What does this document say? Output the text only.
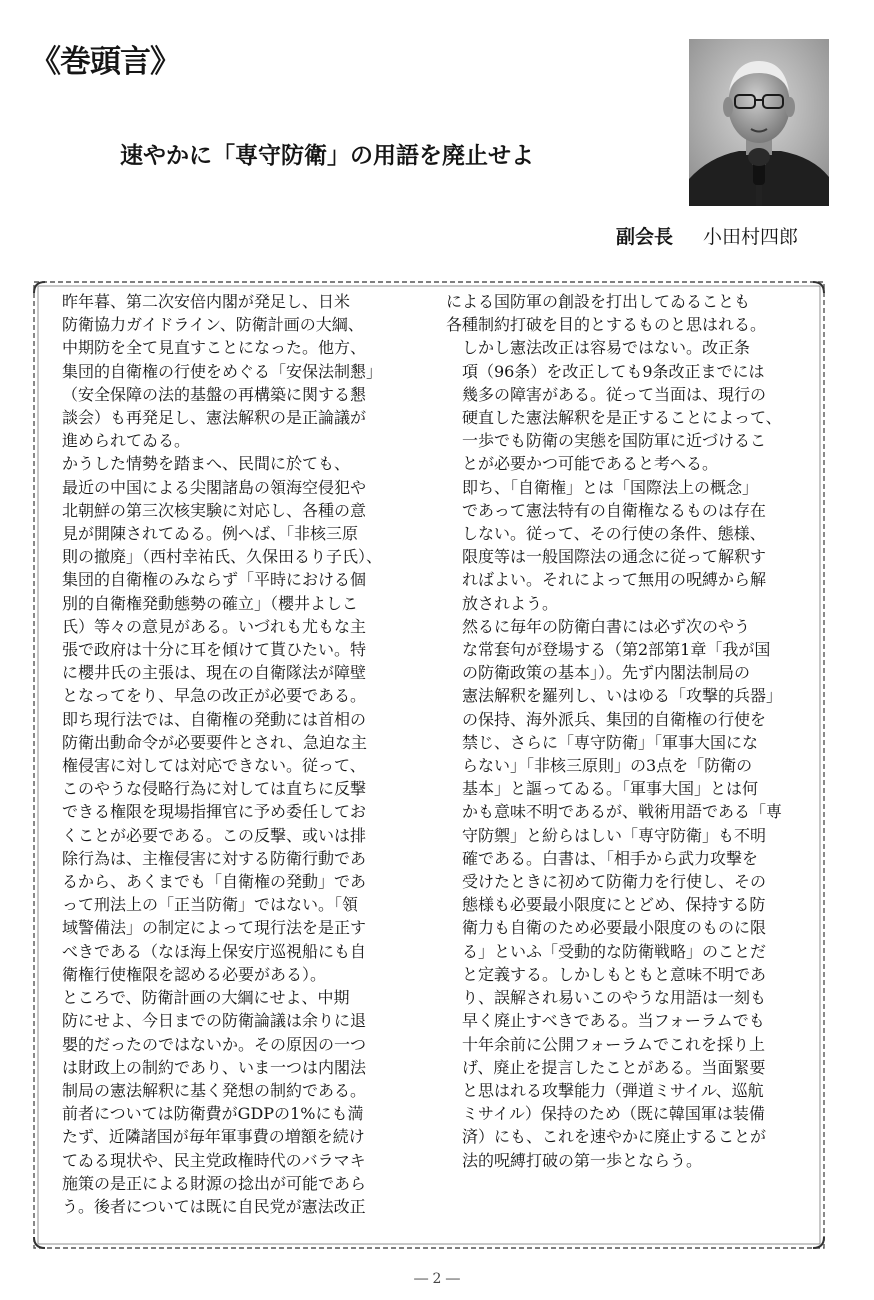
《巻頭言》
速やかに「専守防衛」の用語を廃止せよ
副会長 小田村四郎

昨年暮、第二次安倍内閣が発足し、日米
防衛協力ガイドライン、防衛計画の大綱、
中期防を全て見直すことになった。他方、
集団的自衛権の行使をめぐる「安保法制懇」
（安全保障の法的基盤の再構築に関する懇
談会）も再発足し、憲法解釈の是正論議が
進められてゐる。

かうした情勢を踏まへ、民間に於ても、
最近の中国による尖閣諸島の領海空侵犯や
北朝鮮の第三次核実験に対応し、各種の意
見が開陳されてゐる。例へば、「非核三原
則の撤廃」（西村幸祐氏、久保田るり子氏）、
集団的自衛権のみならず「平時における個
別的自衛権発動態勢の確立」（櫻井よしこ
氏）等々の意見がある。いづれも尤もな主
張で政府は十分に耳を傾けて貰ひたい。特
に櫻井氏の主張は、現在の自衛隊法が障壁
となってをり、早急の改正が必要である。
即ち現行法では、自衛権の発動には首相の
防衛出動命令が必要要件とされ、急迫な主
権侵害に対しては対応できない。従って、
このやうな侵略行為に対しては直ちに反撃
できる権限を現場指揮官に予め委任してお
くことが必要である。この反撃、或いは排
除行為は、主権侵害に対する防衛行動であ
るから、あくまでも「自衛権の発動」であ
って刑法上の「正当防衛」ではない。「領
域警備法」の制定によって現行法を是正す
べきである（なほ海上保安庁巡視船にも自
衛権行使権限を認める必要がある）。

ところで、防衛計画の大綱にせよ、中期
防にせよ、今日までの防衛論議は余りに退
嬰的だったのではないか。その原因の一つ
は財政上の制約であり、いま一つは内閣法
制局の憲法解釈に基く発想の制約である。
前者については防衛費がGDPの1%にも満
たず、近隣諸国が毎年軍事費の増額を続け
てゐる現状や、民主党政権時代のバラマキ
施策の是正による財源の捻出が可能であら
う。後者については既に自民党が憲法改正

による国防軍の創設を打出してゐることも
各種制約打破を目的とするものと思はれる。

しかし憲法改正は容易ではない。改正条
項（96条）を改正しても9条改正までには
幾多の障害がある。従って当面は、現行の
硬直した憲法解釈を是正することによって、
一歩でも防衛の実態を国防軍に近づけるこ
とが必要かつ可能であると考へる。

即ち、「自衛権」とは「国際法上の概念」
であって憲法特有の自衛権なるものは存在
しない。従って、その行使の条件、態様、
限度等は一般国際法の通念に従って解釈す
ればよい。それによって無用の呪縛から解
放されよう。

然るに毎年の防衛白書には必ず次のやう
な常套句が登場する（第2部第1章「我が国
の防衛政策の基本」）。先ず内閣法制局の
憲法解釈を羅列し、いはゆる「攻撃的兵器」
の保持、海外派兵、集団的自衛権の行使を
禁じ、さらに「専守防衛」「軍事大国にな
らない」「非核三原則」の3点を「防衛の
基本」と謳ってゐる。「軍事大国」とは何
かも意味不明であるが、戦術用語である「専
守防禦」と紛らはしい「専守防衛」も不明
確である。白書は、「相手から武力攻撃を
受けたときに初めて防衛力を行使し、その
態様も必要最小限度にとどめ、保持する防
衛力も自衛のため必要最小限度のものに限
る」といふ「受動的な防衛戦略」のことだ
と定義する。しかしもともと意味不明であ
り、誤解され易いこのやうな用語は一刻も
早く廃止すべきである。当フォーラムでも
十年余前に公開フォーラムでこれを採り上
げ、廃止を提言したことがある。当面緊要
と思はれる攻撃能力（弾道ミサイル、巡航
ミサイル）保持のため（既に韓国軍は装備
済）にも、これを速やかに廃止することが
法的呪縛打破の第一歩とならう。

― 2 ―
